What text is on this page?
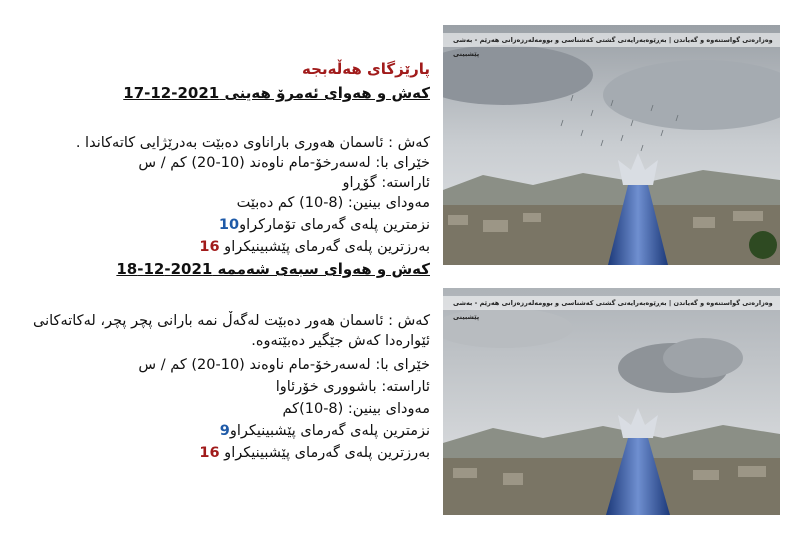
پارێزگای هەڵەبجە
کەش و هەوای ئەمرۆ هەینی 2021-12-17
کەش : ئاسمان هەوری باراناوی دەبێت بەدرێژایی کاتەکاندا .
خێرای با: لەسەرخۆ-مام ناوەند (10-20) کم / س
ئاراستە: گۆڕاو
مەودای بینین: (8-10) کم دەبێت
نزمترین پلەی گەرمای تۆمارکراو10
بەرزترین پلەی گەرمای پێشبینیکراو 16
کەش و هەوای سبەی شەممە 2021-12-18
کەش : ئاسمان هەور دەبێت لەگەڵ نمە بارانی پچر پچر، لەکاتەکانی
ئێوارەدا کەش جێگیر دەبێتەوە.
خێرای با: لەسەرخۆ-مام ناوەند (10-20) کم / س
ئاراستە: باشووری خۆرئاوا
مەودای بینین: (8-10)کم
نزمترین پلەی گەرمای پێشبینیکراو9
بەرزترین پلەی گەرمای پێشبینیکراو 16
وەزارەتی گواستنەوە و گەیاندن | بەڕێوەبەرایەتی گشتی کەشناسی و بوومەلەرزەزانی هەرێم - بەشی پێشبینی
وەزارەتی گواستنەوە و گەیاندن | بەڕێوەبەرایەتی گشتی کەشناسی و بوومەلەرزەزانی هەرێم - بەشی پێشبینی
